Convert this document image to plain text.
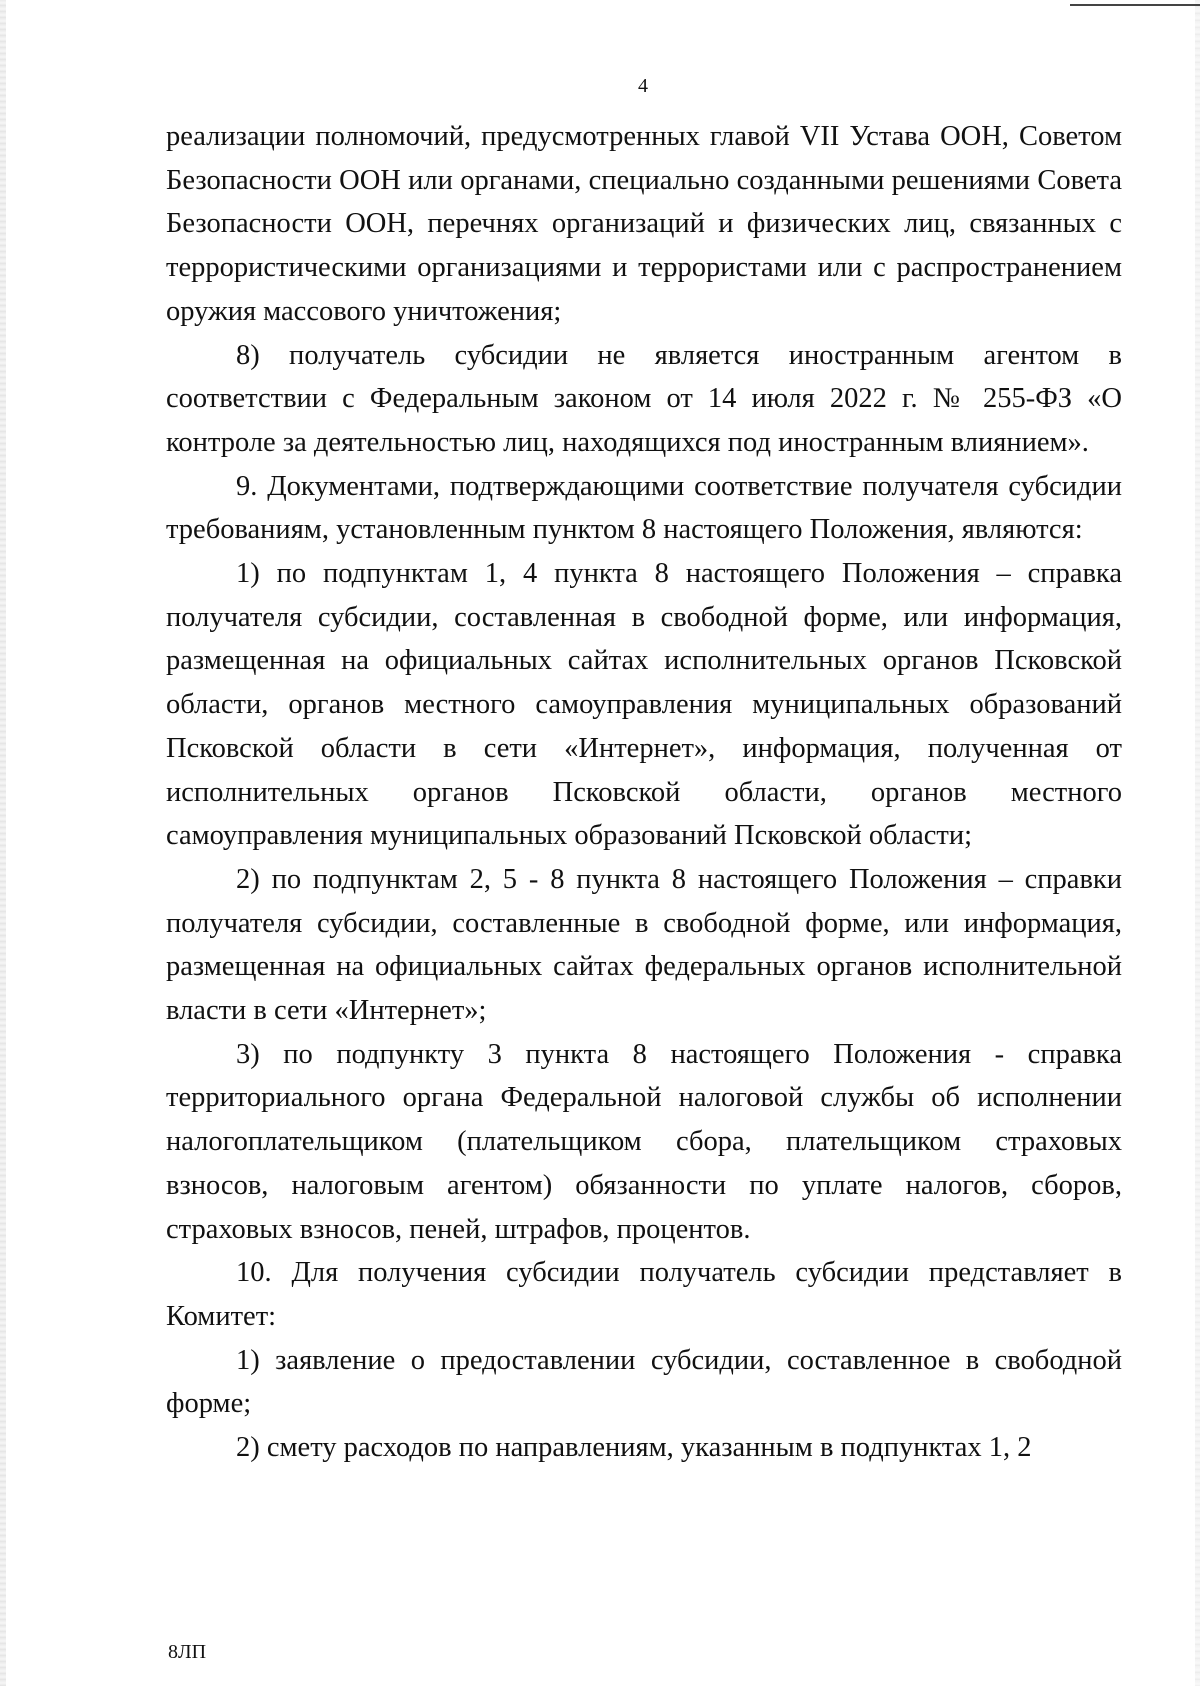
4

реализации полномочий, предусмотренных главой VII Устава ООН, Советом Безопасности ООН или органами, специально созданными решениями Совета Безопасности ООН, перечнях организаций и физических лиц, связанных с террористическими организациями и террористами или с распространением оружия массового уничтожения;

8) получатель субсидии не является иностранным агентом в соответствии с Федеральным законом от 14 июля 2022 г. № 255-ФЗ «О контроле за деятельностью лиц, находящихся под иностранным влиянием».

9. Документами, подтверждающими соответствие получателя субсидии требованиям, установленным пунктом 8 настоящего Положения, являются:

1) по подпунктам 1, 4 пункта 8 настоящего Положения – справка получателя субсидии, составленная в свободной форме, или информация, размещенная на официальных сайтах исполнительных органов Псковской области, органов местного самоуправления муниципальных образований Псковской области в сети «Интернет», информация, полученная от исполнительных органов Псковской области, органов местного самоуправления муниципальных образований Псковской области;

2) по подпунктам 2, 5 - 8 пункта 8 настоящего Положения – справки получателя субсидии, составленные в свободной форме, или информация, размещенная на официальных сайтах федеральных органов исполнительной власти в сети «Интернет»;

3) по подпункту 3 пункта 8 настоящего Положения - справка территориального органа Федеральной налоговой службы об исполнении налогоплательщиком (плательщиком сбора, плательщиком страховых взносов, налоговым агентом) обязанности по уплате налогов, сборов, страховых взносов, пеней, штрафов, процентов.

10. Для получения субсидии получатель субсидии представляет в Комитет:

1) заявление о предоставлении субсидии, составленное в свободной форме;

2) смету расходов по направлениям, указанным в подпунктах 1, 2

8ЛП
